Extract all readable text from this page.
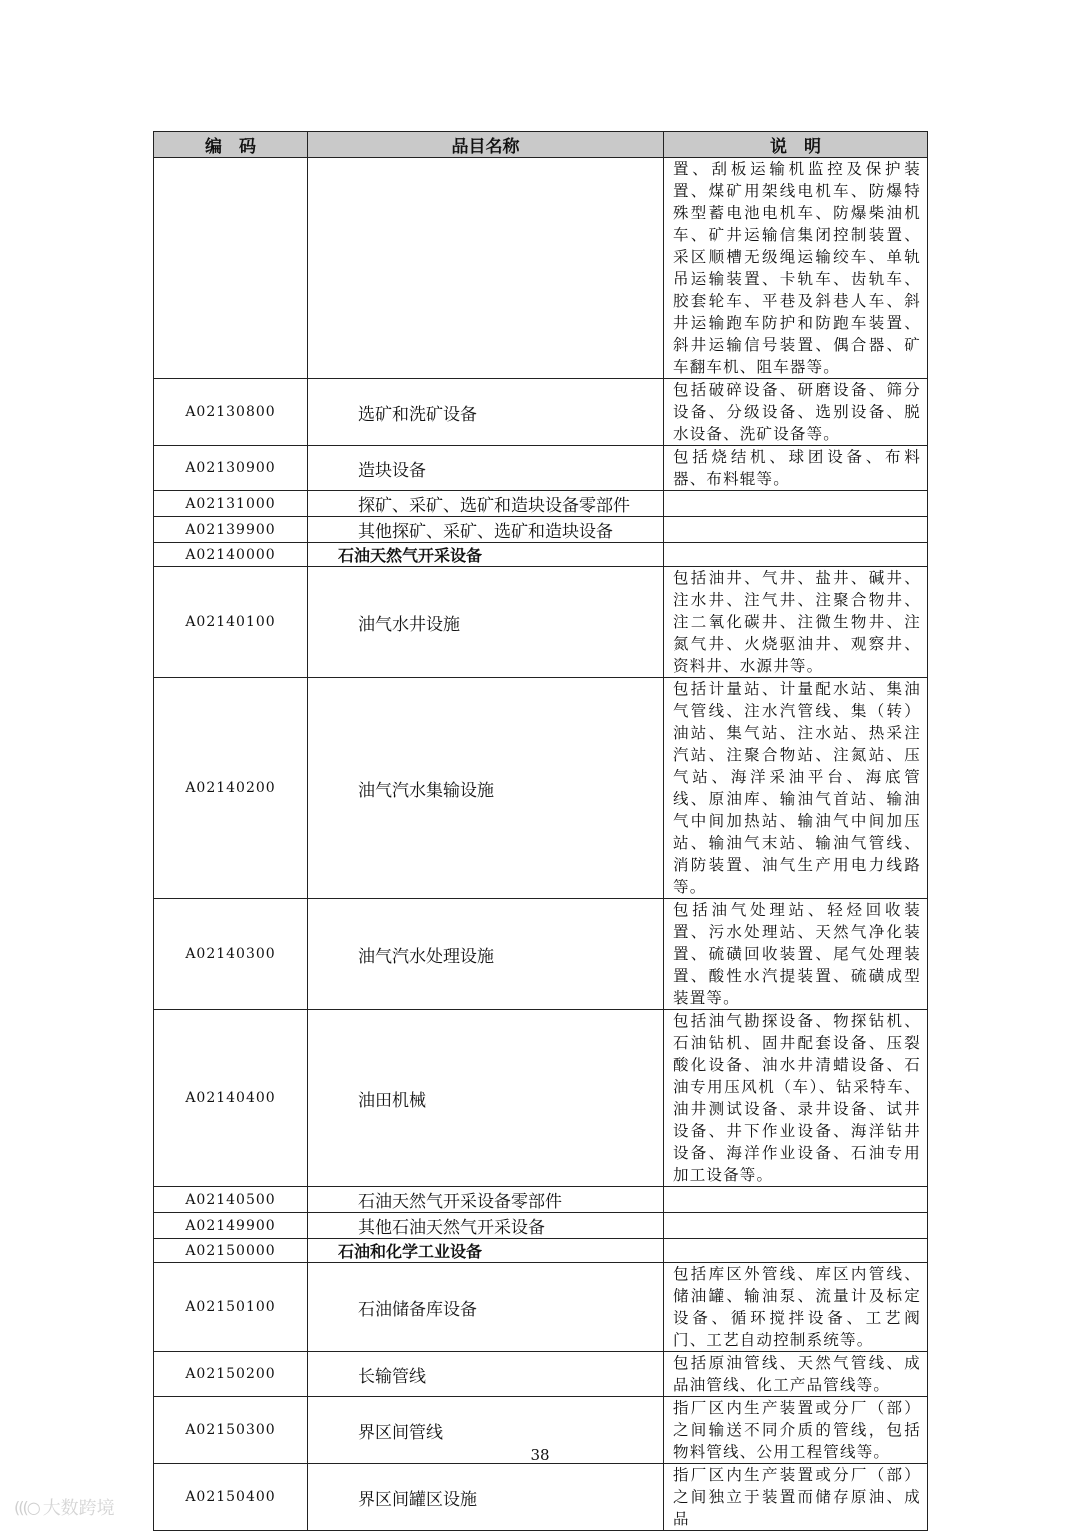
编　码	品目名称	说　明
		置、刮板运输机监控及保护装置、煤矿用架线电机车、防爆特殊型蓄电池电机车、防爆柴油机车、矿井运输信集闭控制装置、采区顺槽无级绳运输绞车、单轨吊运输装置、卡轨车、齿轨车、胶套轮车、平巷及斜巷人车、斜井运输跑车防护和防跑车装置、斜井运输信号装置、偶合器、矿车翻车机、阻车器等。
A02130800	选矿和洗矿设备	包括破碎设备、研磨设备、筛分设备、分级设备、选别设备、脱水设备、洗矿设备等。
A02130900	造块设备	包括烧结机、球团设备、布料器、布料辊等。
A02131000	探矿、采矿、选矿和造块设备零部件	
A02139900	其他探矿、采矿、选矿和造块设备	
A02140000	石油天然气开采设备	
A02140100	油气水井设施	包括油井、气井、盐井、碱井、注水井、注气井、注聚合物井、注二氧化碳井、注微生物井、注氮气井、火烧驱油井、观察井、资料井、水源井等。
A02140200	油气汽水集输设施	包括计量站、计量配水站、集油气管线、注水汽管线、集（转）油站、集气站、注水站、热采注汽站、注聚合物站、注氮站、压气站、海洋采油平台、海底管线、原油库、输油气首站、输油气中间加热站、输油气中间加压站、输油气末站、输油气管线、消防装置、油气生产用电力线路等。
A02140300	油气汽水处理设施	包括油气处理站、轻烃回收装置、污水处理站、天然气净化装置、硫磺回收装置、尾气处理装置、酸性水汽提装置、硫磺成型装置等。
A02140400	油田机械	包括油气勘探设备、物探钻机、石油钻机、固井配套设备、压裂酸化设备、油水井清蜡设备、石油专用压风机（车）、钻采特车、油井测试设备、录井设备、试井设备、井下作业设备、海洋钻井设备、海洋作业设备、石油专用加工设备等。
A02140500	石油天然气开采设备零部件	
A02149900	其他石油天然气开采设备	
A02150000	石油和化学工业设备	
A02150100	石油储备库设备	包括库区外管线、库区内管线、储油罐、输油泵、流量计及标定设备、循环搅拌设备、工艺阀门、工艺自动控制系统等。
A02150200	长输管线	包括原油管线、天然气管线、成品油管线、化工产品管线等。
A02150300	界区间管线	指厂区内生产装置或分厂（部）之间输送不同介质的管线，包括物料管线、公用工程管线等。
A02150400	界区间罐区设施	指厂区内生产装置或分厂（部）之间独立于装置而储存原油、成品
38
(((○ 大数跨境
